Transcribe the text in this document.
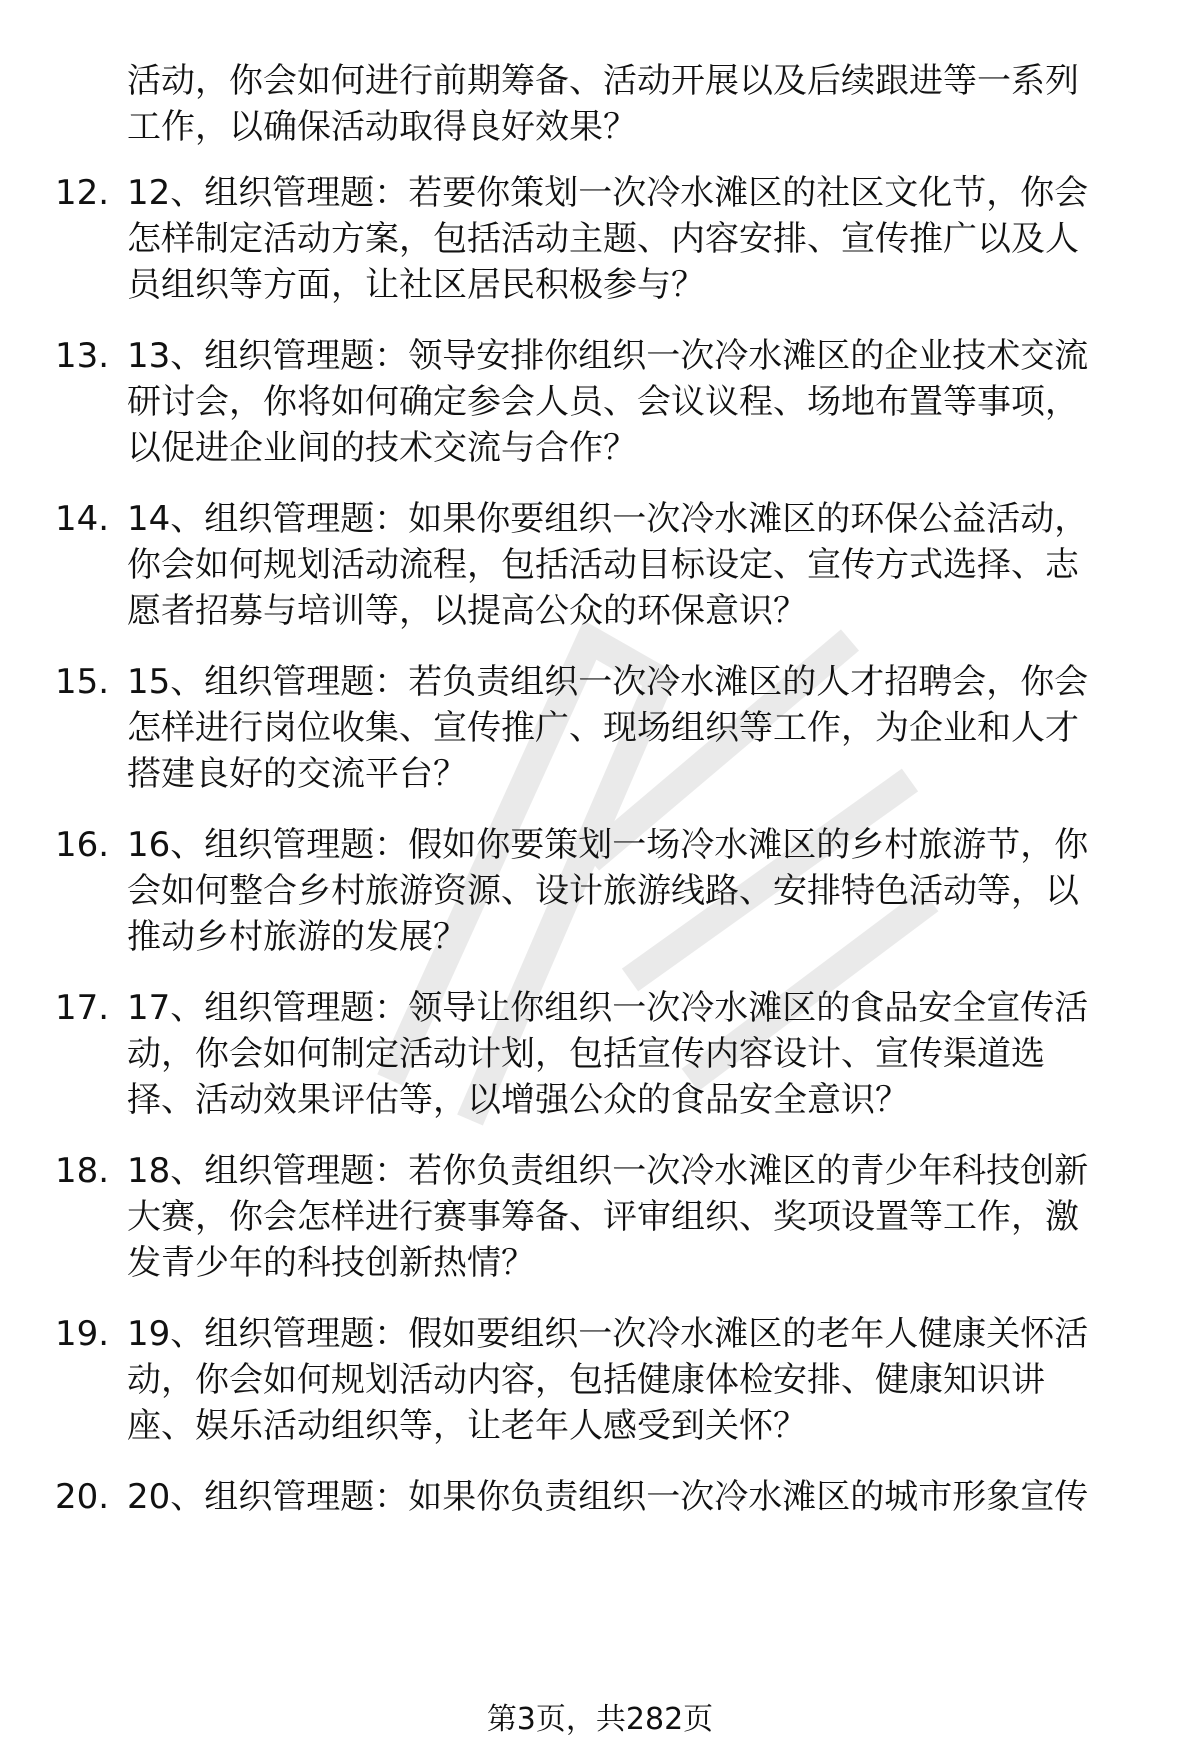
活动，你会如何进行前期筹备、活动开展以及后续跟进等一系列
工作，以确保活动取得良好效果？
12. 12、组织管理题：若要你策划一次冷水滩区的社区文化节，你会
怎样制定活动方案，包括活动主题、内容安排、宣传推广以及人
员组织等方面，让社区居民积极参与？
13. 13、组织管理题：领导安排你组织一次冷水滩区的企业技术交流
研讨会，你将如何确定参会人员、会议议程、场地布置等事项，
以促进企业间的技术交流与合作？
14. 14、组织管理题：如果你要组织一次冷水滩区的环保公益活动，
你会如何规划活动流程，包括活动目标设定、宣传方式选择、志
愿者招募与培训等，以提高公众的环保意识？
15. 15、组织管理题：若负责组织一次冷水滩区的人才招聘会，你会
怎样进行岗位收集、宣传推广、现场组织等工作，为企业和人才
搭建良好的交流平台？
16. 16、组织管理题：假如你要策划一场冷水滩区的乡村旅游节，你
会如何整合乡村旅游资源、设计旅游线路、安排特色活动等，以
推动乡村旅游的发展？
17. 17、组织管理题：领导让你组织一次冷水滩区的食品安全宣传活
动，你会如何制定活动计划，包括宣传内容设计、宣传渠道选
择、活动效果评估等，以增强公众的食品安全意识？
18. 18、组织管理题：若你负责组织一次冷水滩区的青少年科技创新
大赛，你会怎样进行赛事筹备、评审组织、奖项设置等工作，激
发青少年的科技创新热情？
19. 19、组织管理题：假如要组织一次冷水滩区的老年人健康关怀活
动，你会如何规划活动内容，包括健康体检安排、健康知识讲
座、娱乐活动组织等，让老年人感受到关怀？
20. 20、组织管理题：如果你负责组织一次冷水滩区的城市形象宣传
第3页，共282页
